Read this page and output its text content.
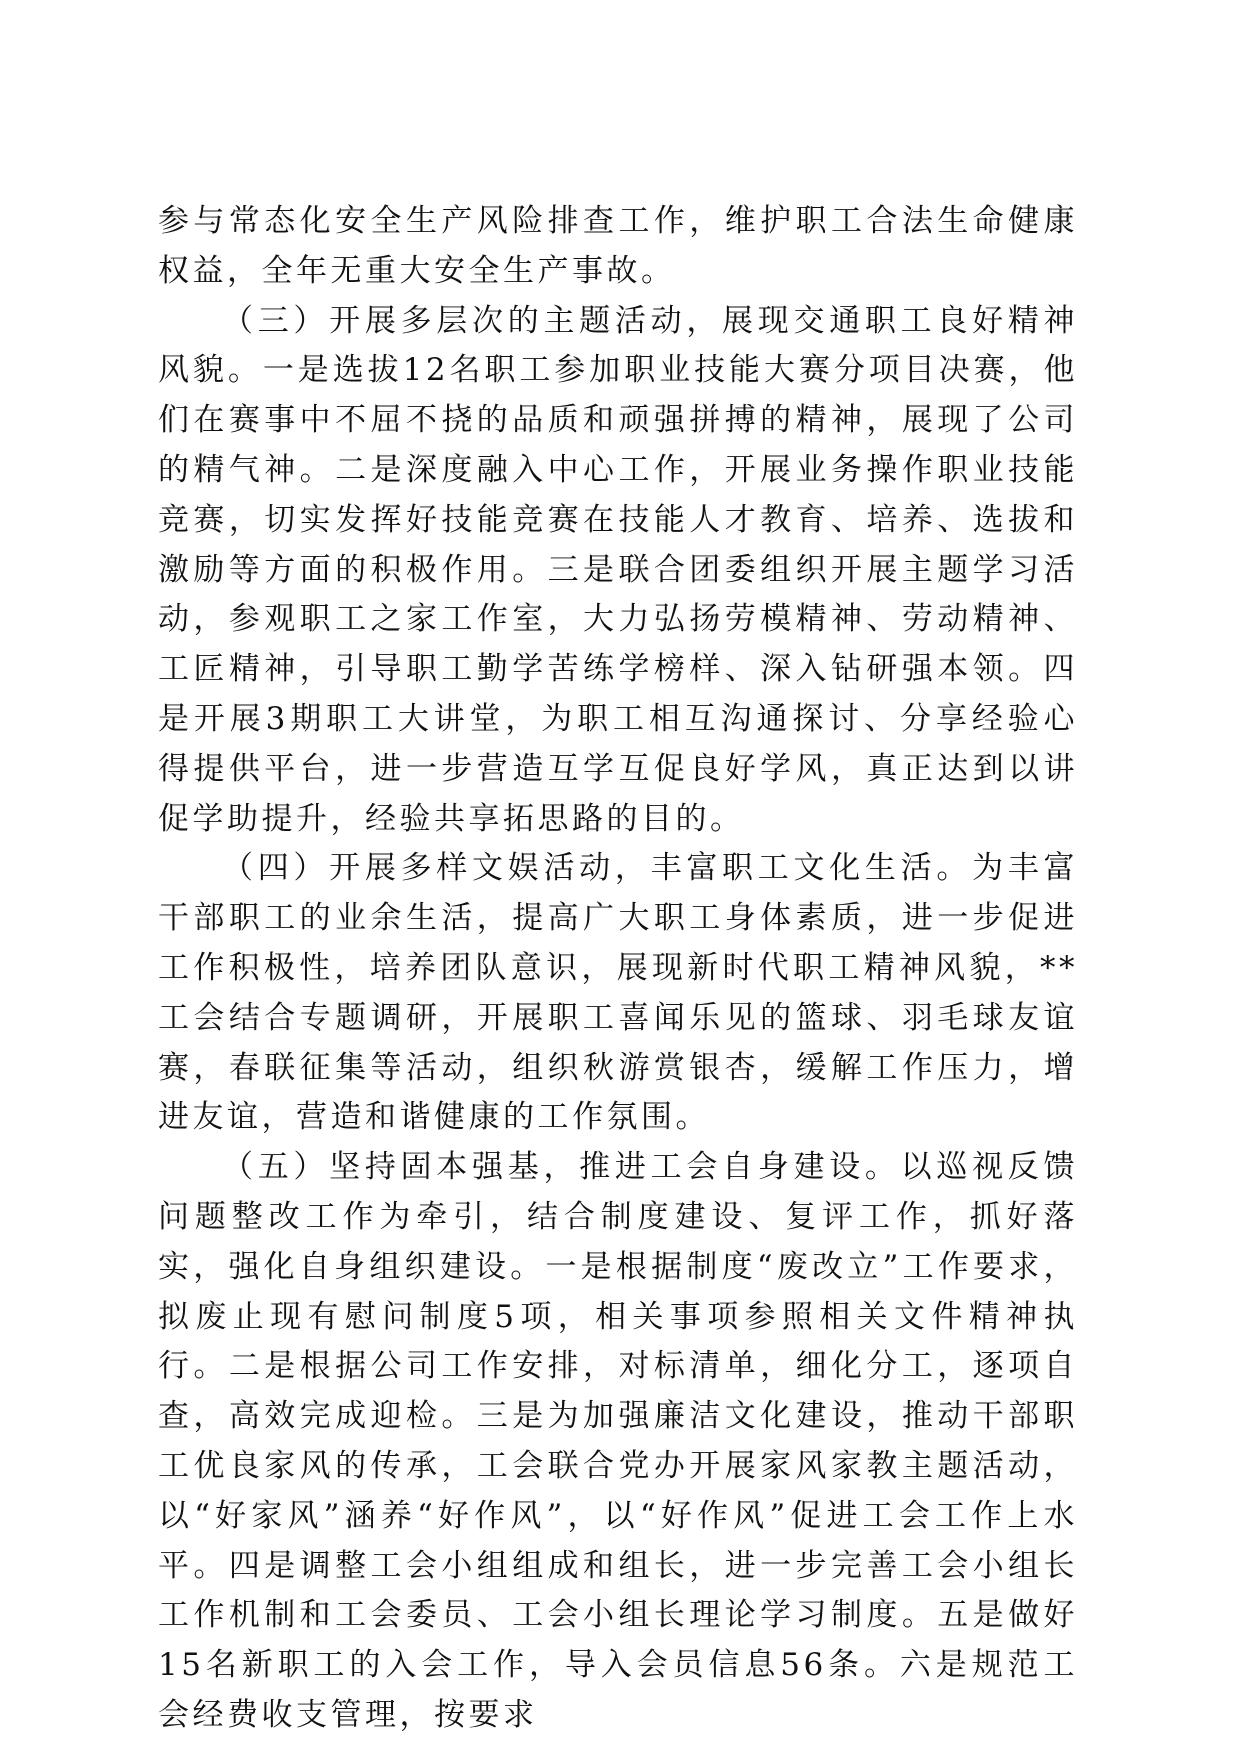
参与常态化安全生产风险排查工作，维护职工合法生命健康权益，全年无重大安全生产事故。

（三）开展多层次的主题活动，展现交通职工良好精神风貌。一是选拔12名职工参加职业技能大赛分项目决赛，他们在赛事中不屈不挠的品质和顽强拼搏的精神，展现了公司的精气神。二是深度融入中心工作，开展业务操作职业技能竞赛，切实发挥好技能竞赛在技能人才教育、培养、选拔和激励等方面的积极作用。三是联合团委组织开展主题学习活动，参观职工之家工作室，大力弘扬劳模精神、劳动精神、工匠精神，引导职工勤学苦练学榜样、深入钻研强本领。四是开展3期职工大讲堂，为职工相互沟通探讨、分享经验心得提供平台，进一步营造互学互促良好学风，真正达到以讲促学助提升，经验共享拓思路的目的。

（四）开展多样文娱活动，丰富职工文化生活。为丰富干部职工的业余生活，提高广大职工身体素质，进一步促进工作积极性，培养团队意识，展现新时代职工精神风貌，**工会结合专题调研，开展职工喜闻乐见的篮球、羽毛球友谊赛，春联征集等活动，组织秋游赏银杏，缓解工作压力，增进友谊，营造和谐健康的工作氛围。

（五）坚持固本强基，推进工会自身建设。以巡视反馈问题整改工作为牵引，结合制度建设、复评工作，抓好落实，强化自身组织建设。一是根据制度“废改立”工作要求，拟废止现有慰问制度5项，相关事项参照相关文件精神执行。二是根据公司工作安排，对标清单，细化分工，逐项自查，高效完成迎检。三是为加强廉洁文化建设，推动干部职工优良家风的传承，工会联合党办开展家风家教主题活动，以“好家风”涵养“好作风”，以“好作风”促进工会工作上水平。四是调整工会小组组成和组长，进一步完善工会小组长工作机制和工会委员、工会小组长理论学习制度。五是做好15名新职工的入会工作，导入会员信息56条。六是规范工会经费收支管理，按要求
